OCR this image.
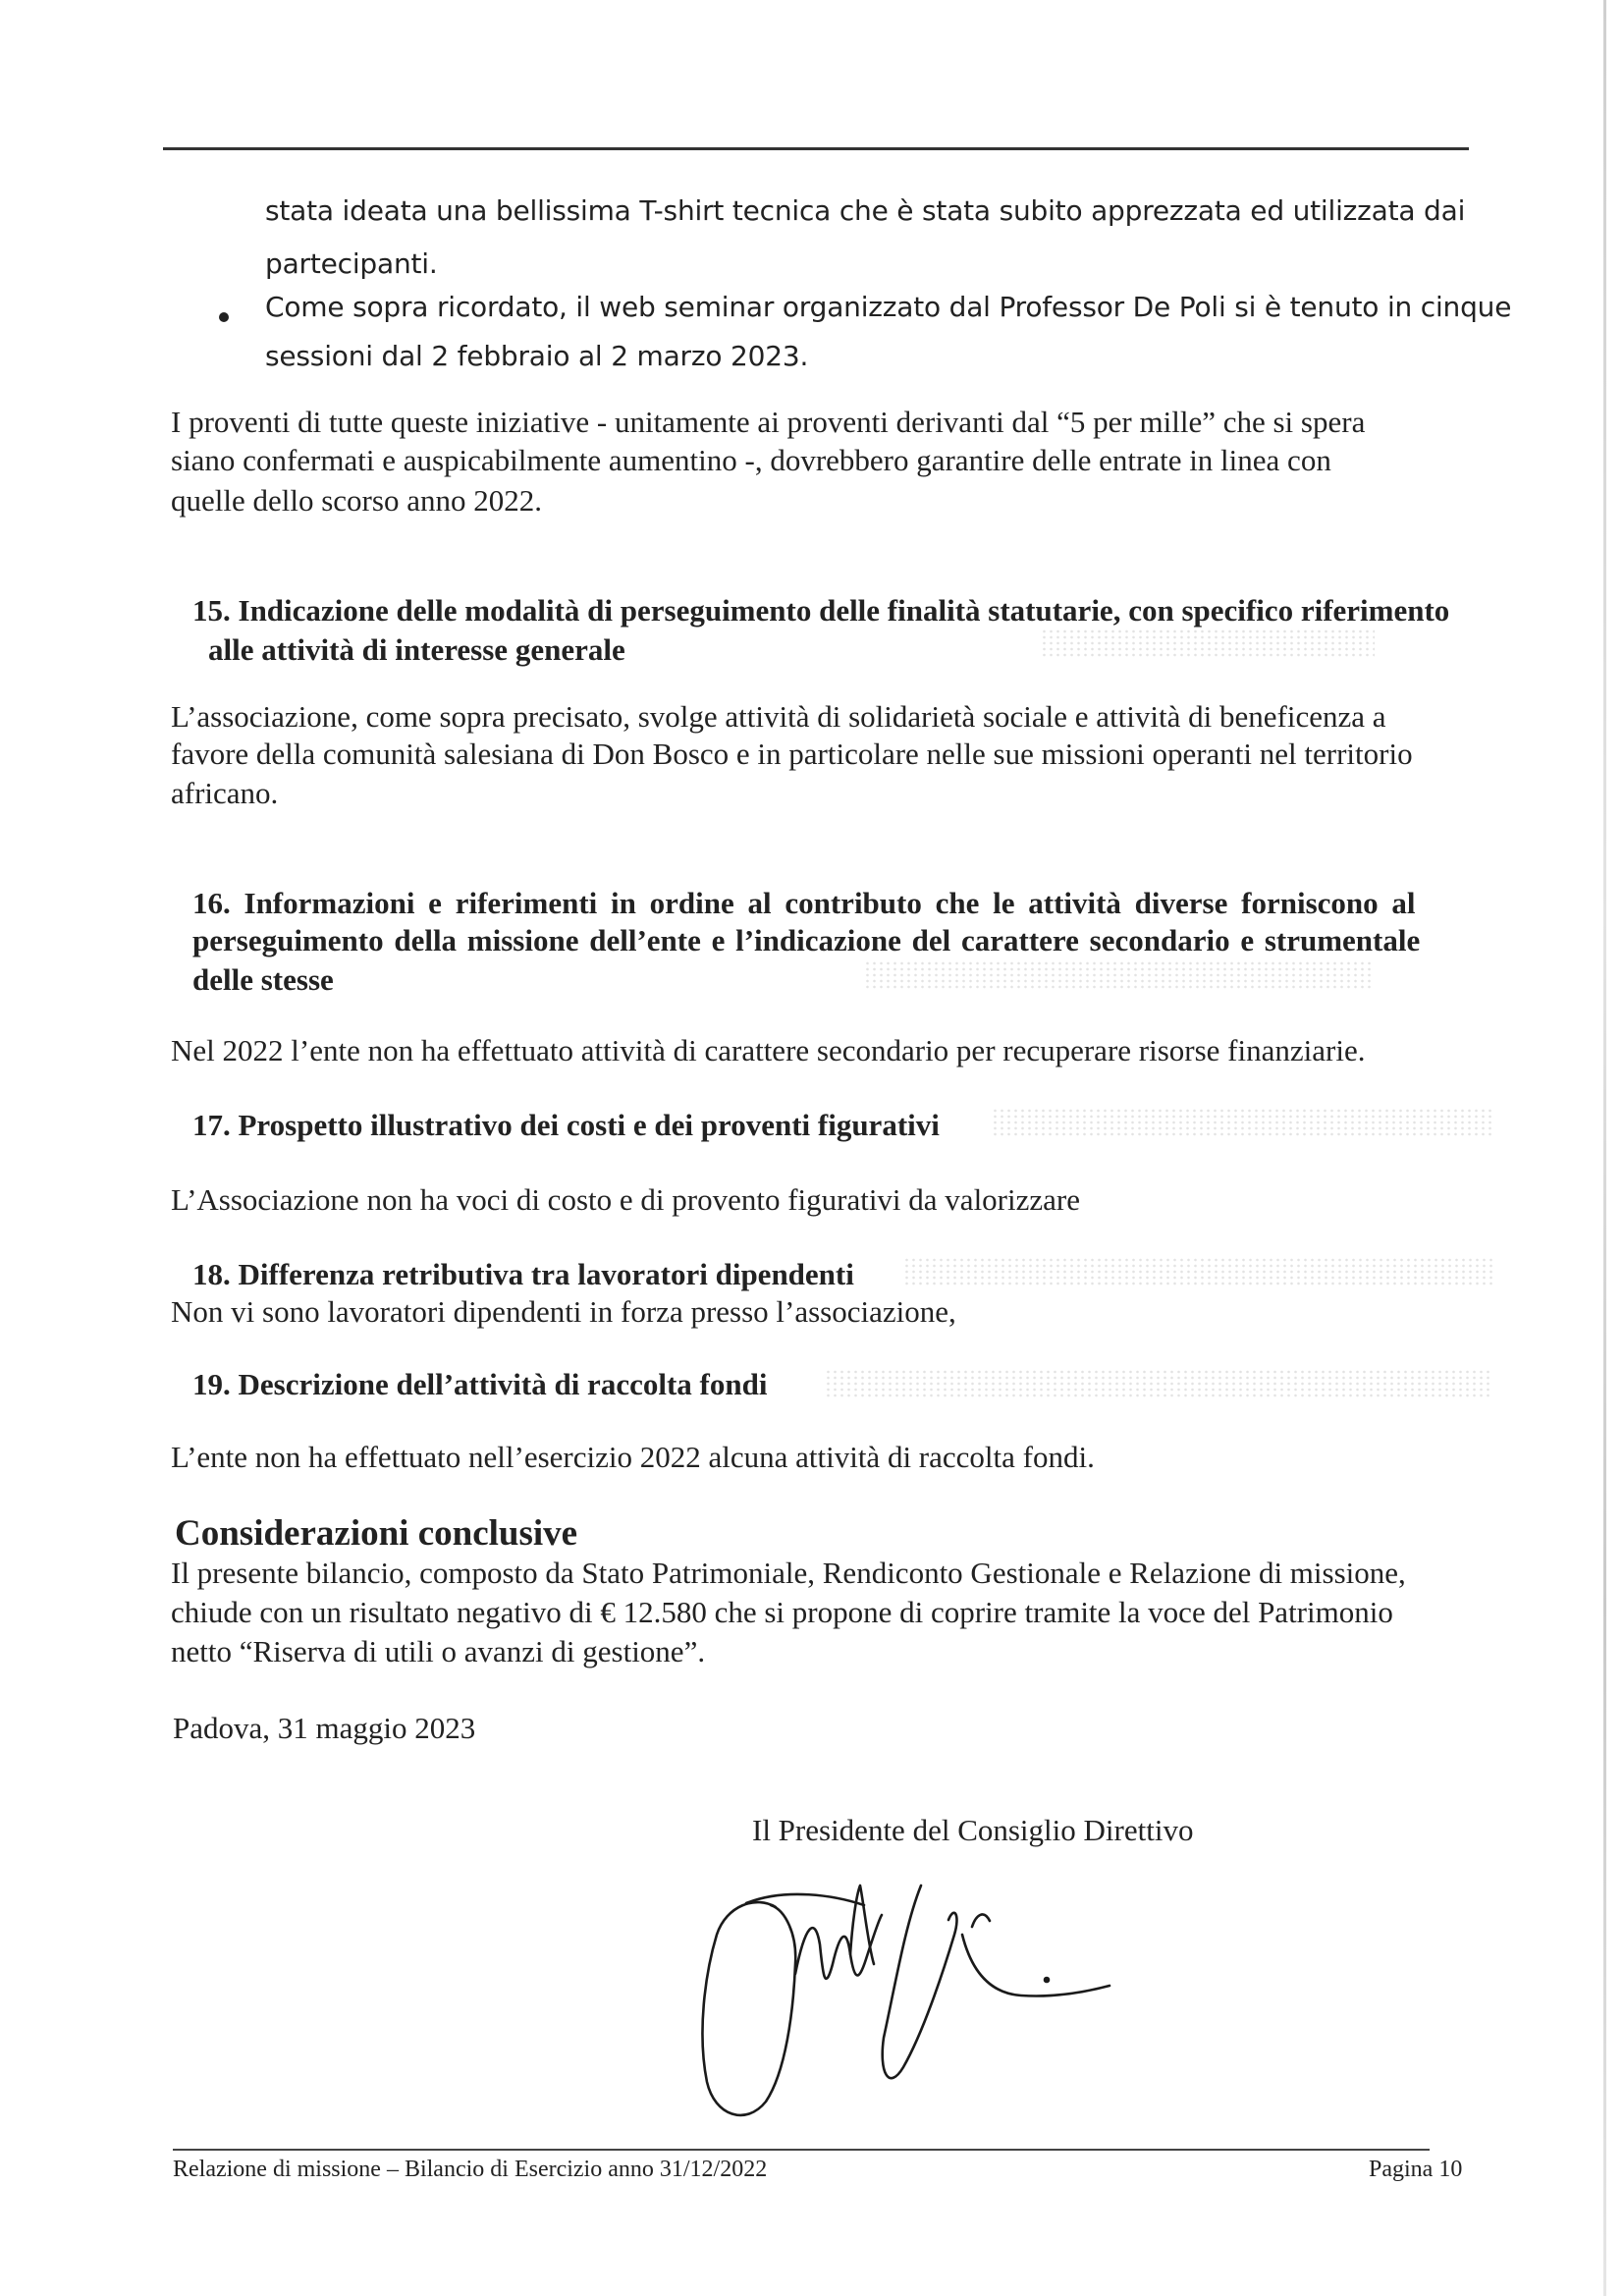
stata ideata una bellissima T-shirt tecnica che è stata subito apprezzata ed utilizzata dai
partecipanti.
Come sopra ricordato, il web seminar organizzato dal Professor De Poli si è tenuto in cinque
sessioni dal 2 febbraio al 2 marzo 2023.
I proventi di tutte queste iniziative - unitamente ai proventi derivanti dal “5 per mille” che si spera
siano confermati e auspicabilmente aumentino -, dovrebbero garantire delle entrate in linea con
quelle dello scorso anno 2022.
15. Indicazione delle modalità di perseguimento delle finalità statutarie, con specifico riferimento
alle attività di interesse generale
L’associazione, come sopra precisato, svolge attività di solidarietà sociale e attività di beneficenza a
favore della comunità salesiana di Don Bosco e in particolare nelle sue missioni operanti nel territorio
africano.
16. Informazioni e riferimenti in ordine al contributo che le attività diverse forniscono al
perseguimento della missione dell’ente e l’indicazione del carattere secondario e strumentale
delle stesse
Nel 2022 l’ente non ha effettuato attività di carattere secondario per recuperare risorse finanziarie.
17. Prospetto illustrativo dei costi e dei proventi figurativi
L’Associazione non ha voci di costo e di provento figurativi da valorizzare
18. Differenza retributiva tra lavoratori dipendenti
Non vi sono lavoratori dipendenti in forza presso l’associazione,
19. Descrizione dell’attività di raccolta fondi
L’ente non ha effettuato nell’esercizio 2022 alcuna attività di raccolta fondi.
Considerazioni conclusive
Il presente bilancio, composto da Stato Patrimoniale, Rendiconto Gestionale e Relazione di missione,
chiude con un risultato negativo di € 12.580 che si propone di coprire tramite la voce del Patrimonio
netto “Riserva di utili o avanzi di gestione”.
Padova, 31 maggio 2023
Il Presidente del Consiglio Direttivo
Relazione di missione – Bilancio di Esercizio anno 31/12/2022	Pagina 10
